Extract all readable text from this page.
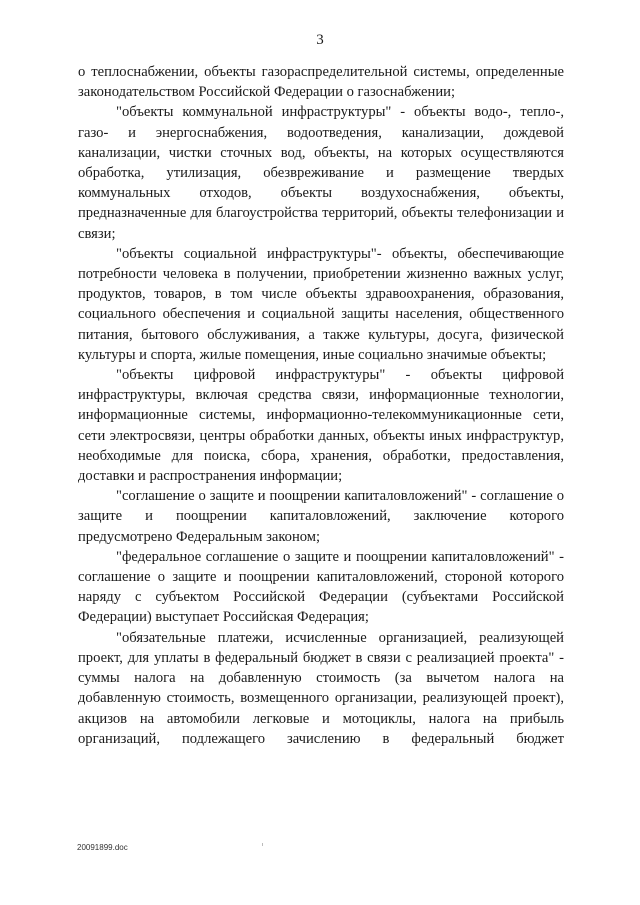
3

о теплоснабжении, объекты газораспределительной системы, определенные законодательством Российской Федерации о газоснабжении;

"объекты коммунальной инфраструктуры" - объекты водо-, тепло-, газо- и энергоснабжения, водоотведения, канализации, дождевой канализации, чистки сточных вод, объекты, на которых осуществляются обработка, утилизация, обезвреживание и размещение твердых коммунальных отходов, объекты воздухоснабжения, объекты, предназначенные для благоустройства территорий, объекты телефонизации и связи;

"объекты социальной инфраструктуры"- объекты, обеспечивающие потребности человека в получении, приобретении жизненно важных услуг, продуктов, товаров, в том числе объекты здравоохранения, образования, социального обеспечения и социальной защиты населения, общественного питания, бытового обслуживания, а также культуры, досуга, физической культуры и спорта, жилые помещения, иные социально значимые объекты;

"объекты цифровой инфраструктуры" - объекты цифровой инфраструктуры, включая средства связи, информационные технологии, информационные системы, информационно-телекоммуникационные сети, сети электросвязи, центры обработки данных, объекты иных инфраструктур, необходимые для поиска, сбора, хранения, обработки, предоставления, доставки и распространения информации;

"соглашение о защите и поощрении капиталовложений" - соглашение о защите и поощрении капиталовложений, заключение которого предусмотрено Федеральным законом;

"федеральное соглашение о защите и поощрении капиталовложений" - соглашение о защите и поощрении капиталовложений, стороной которого наряду с субъектом Российской Федерации (субъектами Российской Федерации) выступает Российская Федерация;

"обязательные платежи, исчисленные организацией, реализующей проект, для уплаты в федеральный бюджет в связи с реализацией проекта" - суммы налога на добавленную стоимость (за вычетом налога на добавленную стоимость, возмещенного организации, реализующей проект), акцизов на автомобили легковые и мотоциклы, налога на прибыль организаций, подлежащего зачислению в федеральный бюджет

20091899.doc
